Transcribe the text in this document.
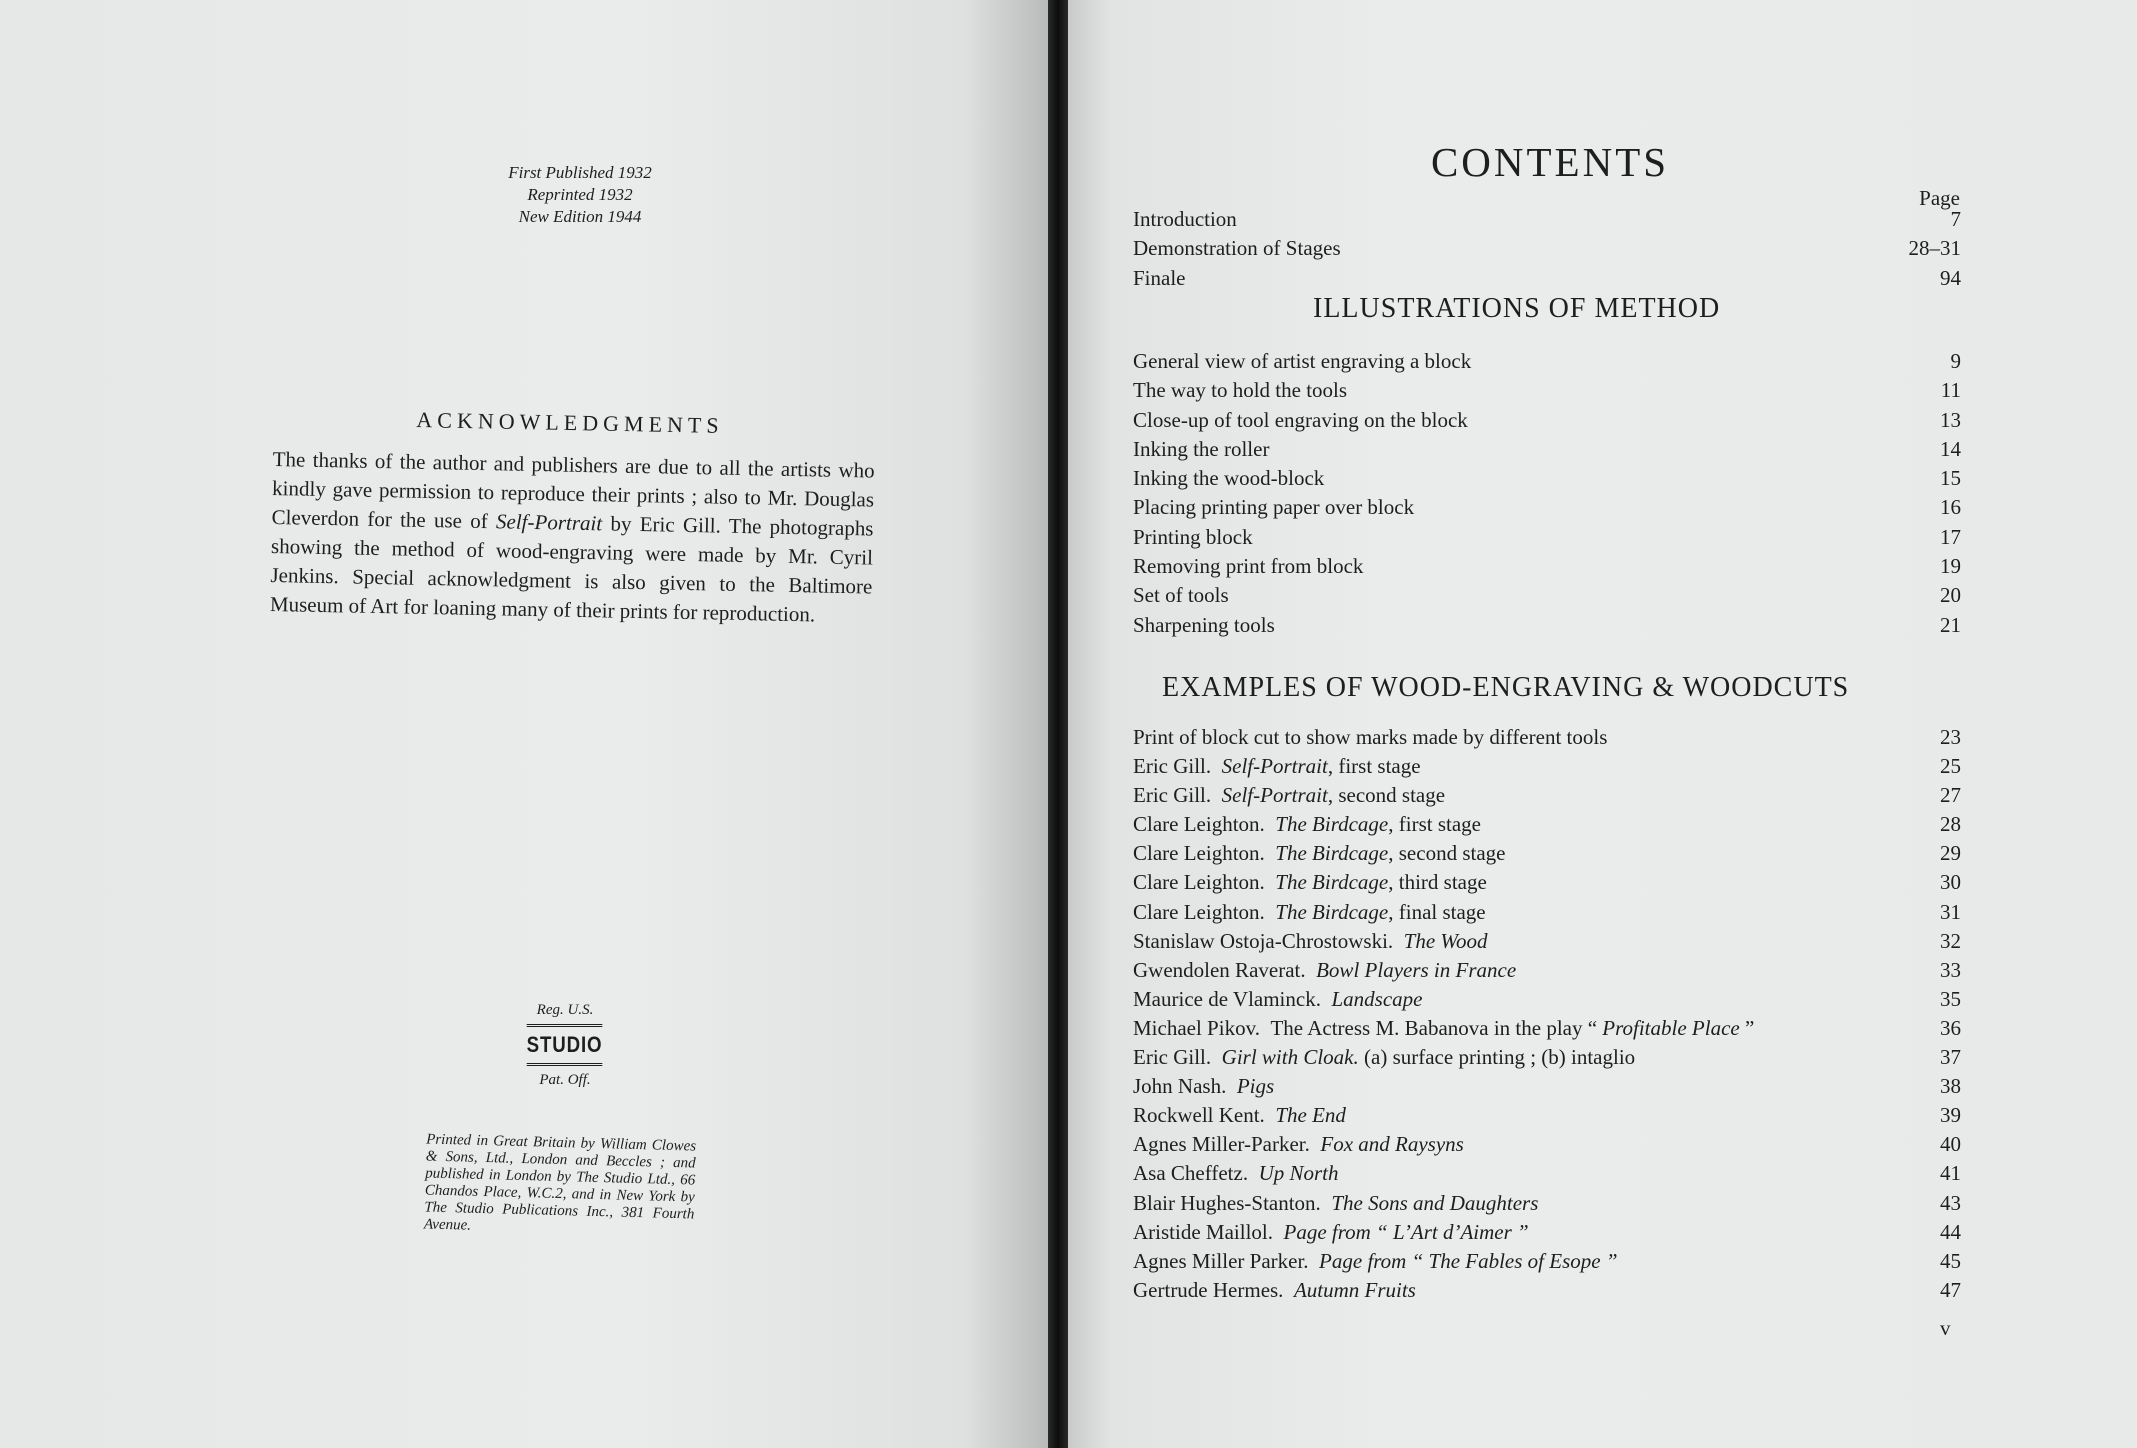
First Published 1932
Reprinted 1932
New Edition 1944
ACKNOWLEDGMENTS
The thanks of the author and publishers are due to all the artists who kindly gave permission to reproduce their prints ; also to Mr. Douglas Cleverdon for the use of Self-Portrait by Eric Gill. The photographs showing the method of wood-engraving were made by Mr. Cyril Jenkins. Special acknowledgment is also given to the Baltimore Museum of Art for loaning many of their prints for reproduction.
Reg. U.S.
STUDIO
Pat. Off.
Printed in Great Britain by William Clowes & Sons, Ltd., London and Beccles ; and published in London by The Studio Ltd., 66 Chandos Place, W.C.2, and in New York by The Studio Publications Inc., 381 Fourth Avenue.
CONTENTS
Page
Introduction	7
Demonstration of Stages	28–31
Finale	94
ILLUSTRATIONS OF METHOD
General view of artist engraving a block	9
The way to hold the tools	11
Close-up of tool engraving on the block	13
Inking the roller	14
Inking the wood-block	15
Placing printing paper over block	16
Printing block	17
Removing print from block	19
Set of tools	20
Sharpening tools	21
EXAMPLES OF WOOD-ENGRAVING & WOODCUTS
Print of block cut to show marks made by different tools	23
Eric Gill.  Self-Portrait, first stage	25
Eric Gill.  Self-Portrait, second stage	27
Clare Leighton.  The Birdcage, first stage	28
Clare Leighton.  The Birdcage, second stage	29
Clare Leighton.  The Birdcage, third stage	30
Clare Leighton.  The Birdcage, final stage	31
Stanislaw Ostoja-Chrostowski.  The Wood	32
Gwendolen Raverat.  Bowl Players in France	33
Maurice de Vlaminck.  Landscape	35
Michael Pikov.  The Actress M. Babanova in the play “ Profitable Place ”	36
Eric Gill.  Girl with Cloak. (a) surface printing ; (b) intaglio	37
John Nash.  Pigs	38
Rockwell Kent.  The End	39
Agnes Miller-Parker.  Fox and Raysyns	40
Asa Cheffetz.  Up North	41
Blair Hughes-Stanton.  The Sons and Daughters	43
Aristide Maillol.  Page from “ L’Art d’Aimer ”	44
Agnes Miller Parker.  Page from “ The Fables of Esope ”	45
Gertrude Hermes.  Autumn Fruits	47
v
